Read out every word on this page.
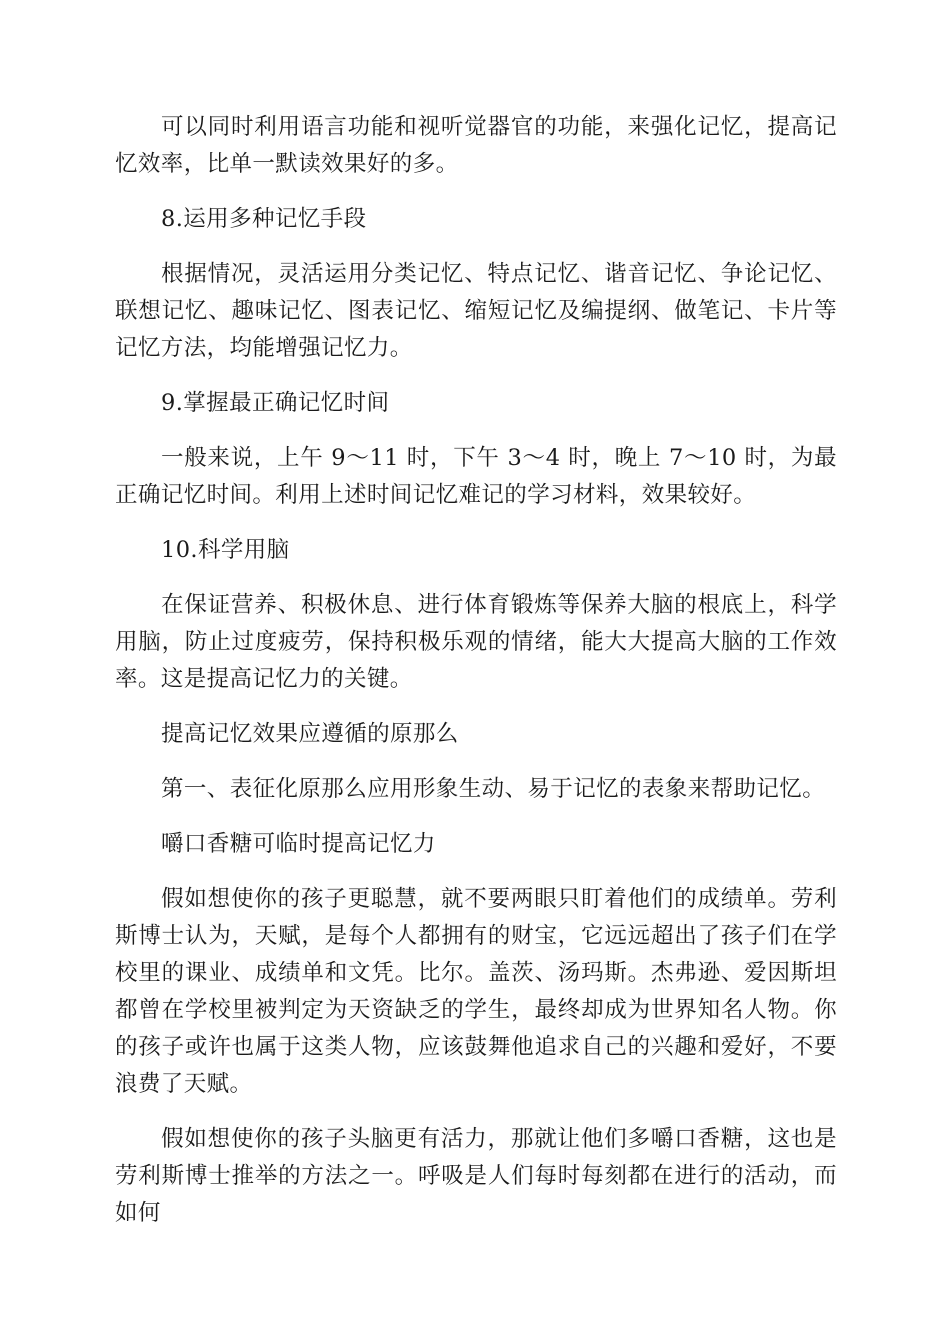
可以同时利用语言功能和视听觉器官的功能，来强化记忆，提高记忆效率，比单一默读效果好的多。

8.运用多种记忆手段

根据情况，灵活运用分类记忆、特点记忆、谐音记忆、争论记忆、联想记忆、趣味记忆、图表记忆、缩短记忆及编提纲、做笔记、卡片等记忆方法，均能增强记忆力。

9.掌握最正确记忆时间

一般来说，上午 9～11 时，下午 3～4 时，晚上 7～10 时，为最正确记忆时间。利用上述时间记忆难记的学习材料，效果较好。

10.科学用脑

在保证营养、积极休息、进行体育锻炼等保养大脑的根底上，科学用脑，防止过度疲劳，保持积极乐观的情绪，能大大提高大脑的工作效率。这是提高记忆力的关键。

提高记忆效果应遵循的原那么

第一、表征化原那么应用形象生动、易于记忆的表象来帮助记忆。

嚼口香糖可临时提高记忆力

假如想使你的孩子更聪慧，就不要两眼只盯着他们的成绩单。劳利斯博士认为，天赋，是每个人都拥有的财宝，它远远超出了孩子们在学校里的课业、成绩单和文凭。比尔。盖茨、汤玛斯。杰弗逊、爱因斯坦都曾在学校里被判定为天资缺乏的学生，最终却成为世界知名人物。你的孩子或许也属于这类人物，应该鼓舞他追求自己的兴趣和爱好，不要浪费了天赋。

假如想使你的孩子头脑更有活力，那就让他们多嚼口香糖，这也是劳利斯博士推举的方法之一。呼吸是人们每时每刻都在进行的活动，而如何
